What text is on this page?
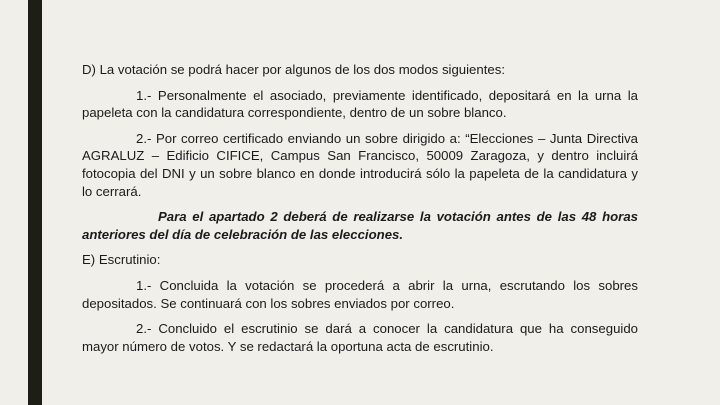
D) La votación se podrá hacer por algunos de los dos modos siguientes:

1.- Personalmente el asociado, previamente identificado, depositará en la urna la papeleta con la candidatura correspondiente, dentro de un sobre blanco.

2.- Por correo certificado enviando un sobre dirigido a: “Elecciones – Junta Directiva AGRALUZ – Edificio CIFICE, Campus San Francisco, 50009 Zaragoza, y dentro incluirá fotocopia del DNI y un sobre blanco en donde introducirá sólo la papeleta de la candidatura y lo cerrará.

Para el apartado 2 deberá de realizarse la votación antes de las 48 horas anteriores del día de celebración de las elecciones.

E) Escrutinio:

1.- Concluida la votación se procederá a abrir la urna, escrutando los sobres depositados. Se continuará con los sobres enviados por correo.

2.- Concluido el escrutinio se dará a conocer la candidatura que ha conseguido mayor número de votos. Y se redactará la oportuna acta de escrutinio.
